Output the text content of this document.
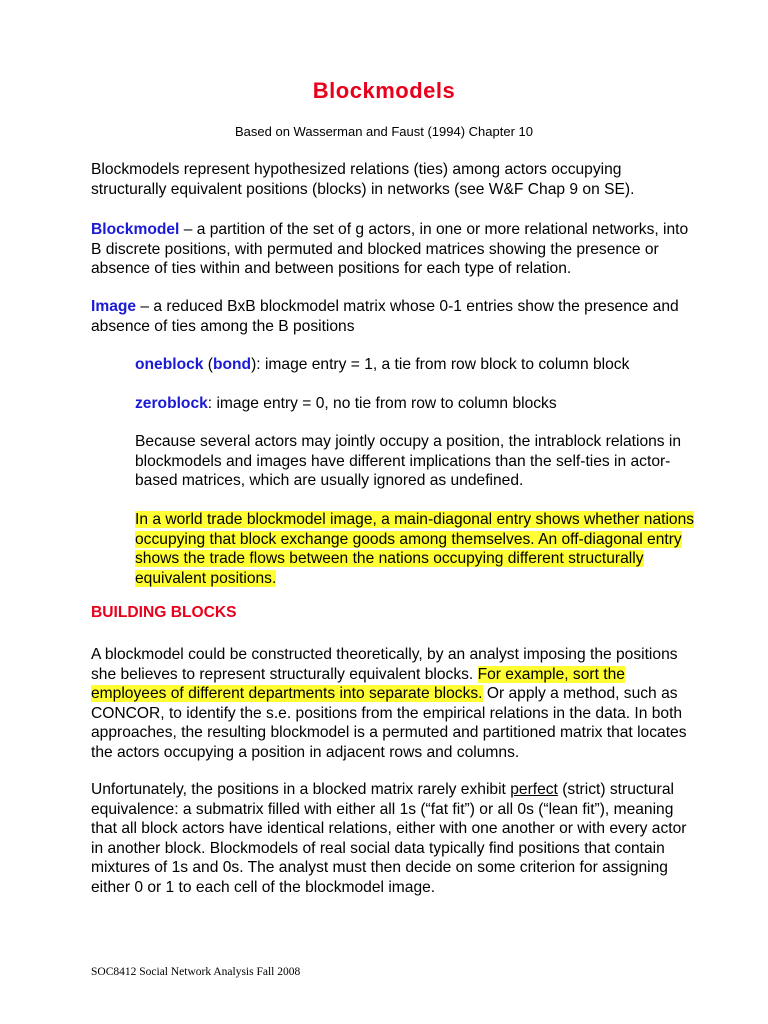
Blockmodels
Based on Wasserman and Faust (1994) Chapter 10
Blockmodels represent hypothesized relations (ties) among actors occupying structurally equivalent positions (blocks) in networks (see W&F Chap 9 on SE).
Blockmodel – a partition of the set of g actors, in one or more relational networks, into B discrete positions, with permuted and blocked matrices showing the presence or absence of ties within and between positions for each type of relation.
Image – a reduced BxB blockmodel matrix whose 0-1 entries show the presence and absence of ties among the B positions
oneblock (bond): image entry = 1, a tie from row block to column block
zeroblock: image entry = 0, no tie from row to column blocks
Because several actors may jointly occupy a position, the intrablock relations in blockmodels and images have different implications than the self-ties in actor-based matrices, which are usually ignored as undefined.
In a world trade blockmodel image, a main-diagonal entry shows whether nations occupying that block exchange goods among themselves. An off-diagonal entry shows the trade flows between the nations occupying different structurally equivalent positions.
BUILDING BLOCKS
A blockmodel could be constructed theoretically, by an analyst imposing the positions she believes to represent structurally equivalent blocks. For example, sort the employees of different departments into separate blocks. Or apply a method, such as CONCOR, to identify the s.e. positions from the empirical relations in the data. In both approaches, the resulting blockmodel is a permuted and partitioned matrix that locates the actors occupying a position in adjacent rows and columns.
Unfortunately, the positions in a blocked matrix rarely exhibit perfect (strict) structural equivalence: a submatrix filled with either all 1s (“fat fit”) or all 0s (“lean fit”), meaning that all block actors have identical relations, either with one another or with every actor in another block. Blockmodels of real social data typically find positions that contain mixtures of 1s and 0s. The analyst must then decide on some criterion for assigning either 0 or 1 to each cell of the blockmodel image.
SOC8412 Social Network Analysis Fall 2008
